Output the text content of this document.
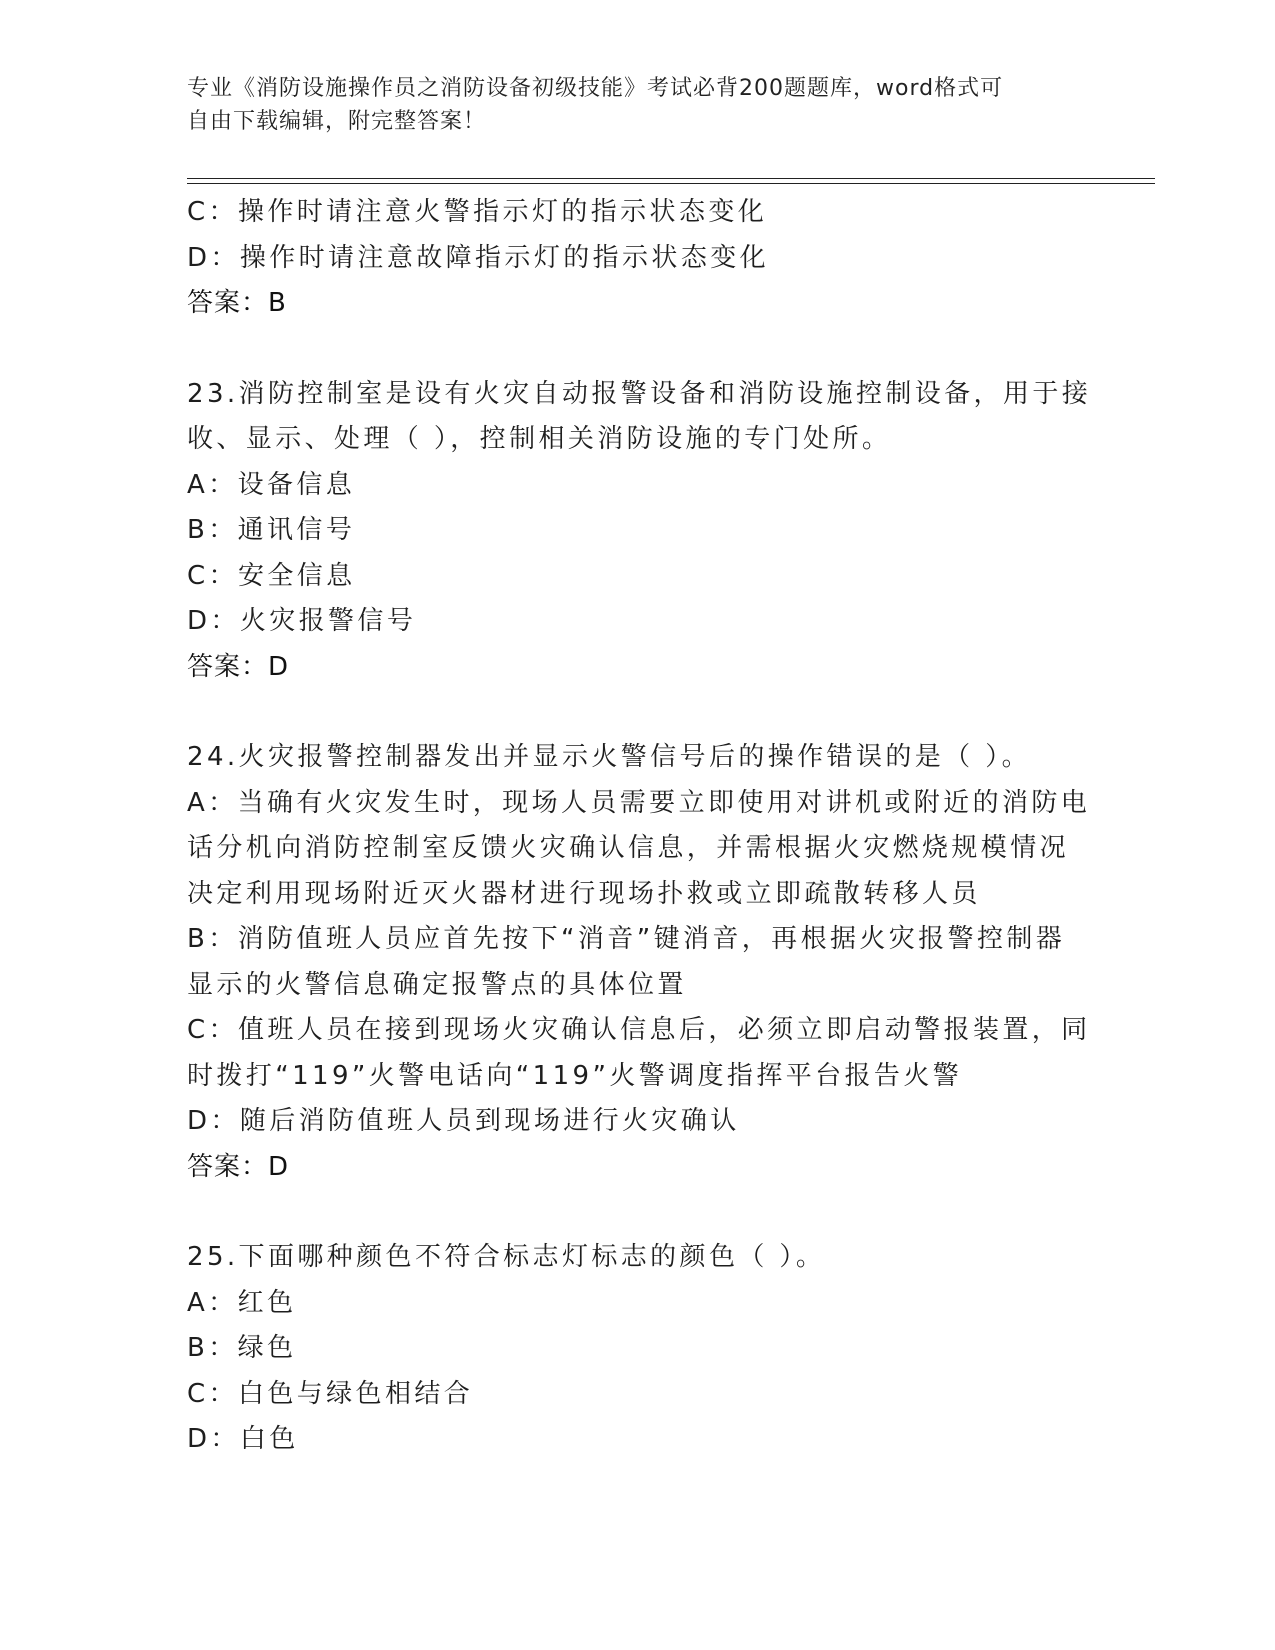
专业《消防设施操作员之消防设备初级技能》考试必背200题题库，word格式可
自由下载编辑，附完整答案！
C：操作时请注意火警指示灯的指示状态变化
D：操作时请注意故障指示灯的指示状态变化
答案：B
23.消防控制室是设有火灾自动报警设备和消防设施控制设备，用于接
收、显示、处理（ ），控制相关消防设施的专门处所。
A：设备信息
B：通讯信号
C：安全信息
D：火灾报警信号
答案：D
24.火灾报警控制器发出并显示火警信号后的操作错误的是（ ）。
A：当确有火灾发生时，现场人员需要立即使用对讲机或附近的消防电
话分机向消防控制室反馈火灾确认信息，并需根据火灾燃烧规模情况
决定利用现场附近灭火器材进行现场扑救或立即疏散转移人员
B：消防值班人员应首先按下“消音”键消音，再根据火灾报警控制器
显示的火警信息确定报警点的具体位置
C：值班人员在接到现场火灾确认信息后，必须立即启动警报装置，同
时拨打“119”火警电话向“119”火警调度指挥平台报告火警
D：随后消防值班人员到现场进行火灾确认
答案：D
25.下面哪种颜色不符合标志灯标志的颜色（ ）。
A：红色
B：绿色
C：白色与绿色相结合
D：白色
